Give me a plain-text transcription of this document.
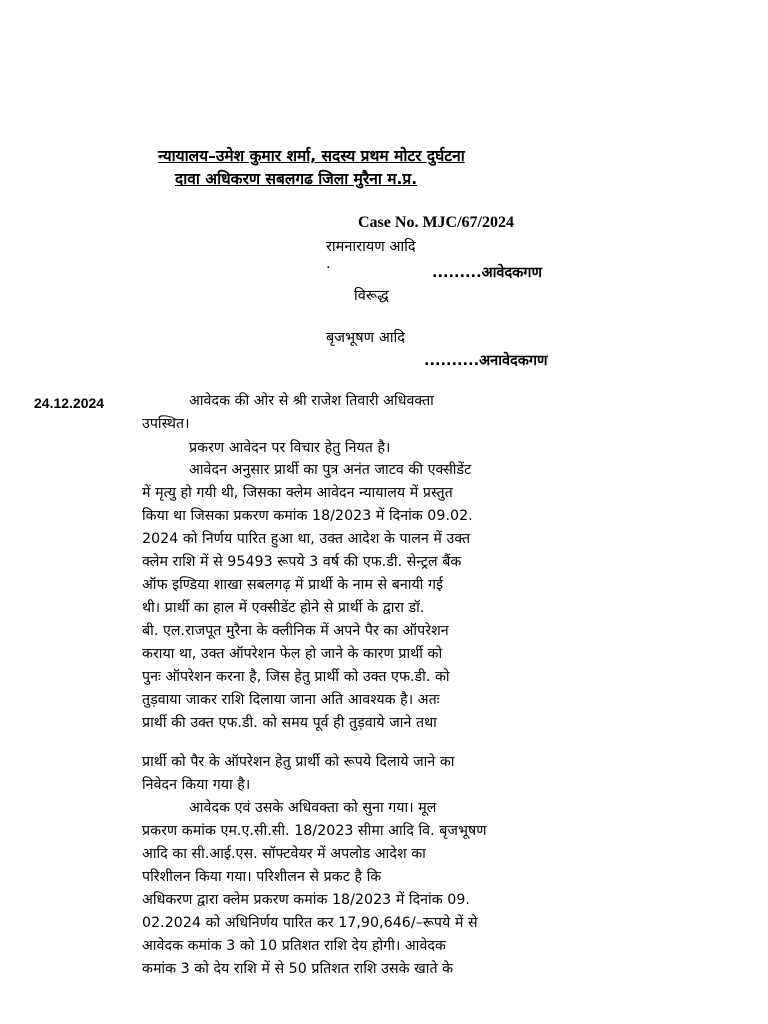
न्यायालय–उमेश कुमार शर्मा, सदस्य प्रथम मोटर दुर्घटना
दावा अधिकरण सबलगढ जिला मुरैना म.प्र.
Case No. MJC/67/2024
रामनारायण आदि
.
.........आवेदकगण
विरूद्ध
बृजभूषण आदि
..........अनावेदकगण
24.12.2024	आवेदक की ओर से श्री राजेश तिवारी अधिवक्ता
उपस्थित।
प्रकरण आवेदन पर विचार हेतु नियत है।
आवेदन अनुसार प्रार्थी का पुत्र अनंत जाटव की एक्सीडेंट
में मृत्यु हो गयी थी, जिसका क्लेम आवेदन न्यायालय में प्रस्तुत
किया था जिसका प्रकरण कमांक 18/2023 में दिनांक 09.02.
2024 को निर्णय पारित हुआ था, उक्त आदेश के पालन में उक्त
क्लेम राशि में से 95493 रूपये 3 वर्ष की एफ.डी. सेन्ट्रल बैंक
ऑफ इण्डिया शाखा सबलगढ़ में प्रार्थी के नाम से बनायी गई
थी। प्रार्थी का हाल में एक्सीडेंट होने से प्रार्थी के द्वारा डॉ.
बी. एल.राजपूत मुरैना के क्लीनिक में अपने पैर का ऑपरेशन
कराया था, उक्त ऑपरेशन फेल हो जाने के कारण प्रार्थी को
पुनः ऑपरेशन करना है, जिस हेतु प्रार्थी को उक्त एफ.डी. को
तुड़वाया जाकर राशि दिलाया जाना अति आवश्यक है। अतः
प्रार्थी की उक्त एफ.डी. को समय पूर्व ही तुड़वाये जाने तथा
प्रार्थी को पैर के ऑपरेशन हेतु प्रार्थी को रूपये दिलाये जाने का
निवेदन किया गया है।
आवेदक एवं उसके अधिवक्ता को सुना गया। मूल
प्रकरण कमांक एम.ए.सी.सी. 18/2023 सीमा आदि वि. बृजभूषण
आदि का सी.आई.एस. सॉफ्टवेयर में अपलोड आदेश का
परिशीलन किया गया। परिशीलन से प्रकट है कि
अधिकरण द्वारा क्लेम प्रकरण कमांक 18/2023 में दिनांक 09.
02.2024 को अधिनिर्णय पारित कर 17,90,646/–रूपये में से
आवेदक कमांक 3 को 10 प्रतिशत राशि देय होगी। आवेदक
कमांक 3 को देय राशि में से 50 प्रतिशत राशि उसके खाते के
